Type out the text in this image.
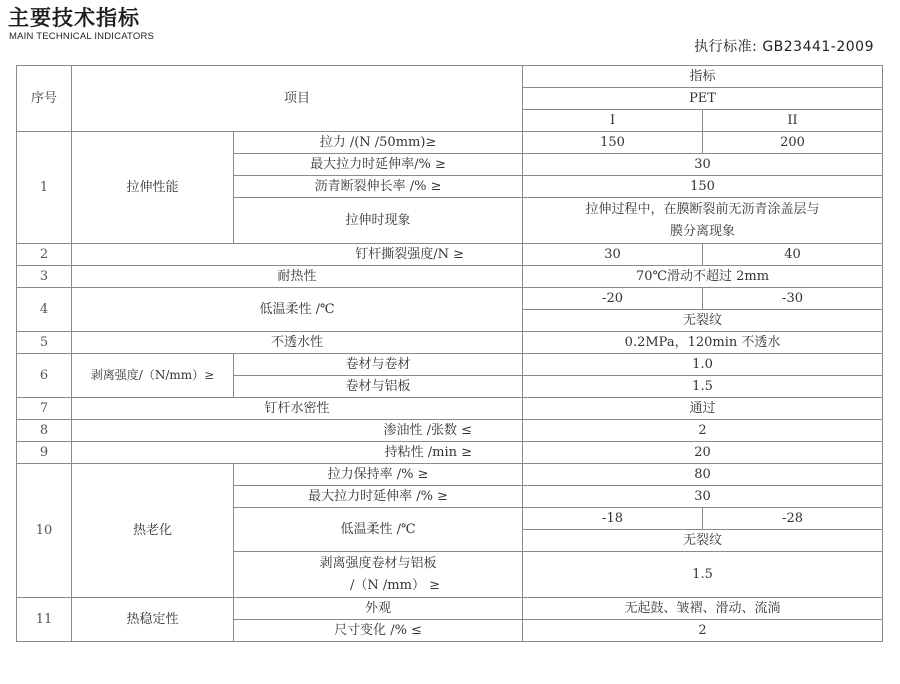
主要技术指标
MAIN TECHNICAL INDICATORS
执行标准: GB23441-2009
序号	项目		指标	
			PET	
			I	II
1	拉伸性能	拉力 /(N /50mm)≥	150	200
		最大拉力时延伸率/% ≥	30	
		沥青断裂伸长率 /% ≥	150	
		拉伸时现象	拉伸过程中，在膜断裂前无沥青涂盖层与膜分离现象	
2	钉杆撕裂强度/N ≥		30	40
3	耐热性		70℃滑动不超过 2mm	
4	低温柔性 /℃		-20	-30
			无裂纹	
5	不透水性		0.2MPa，120min 不透水	
6	剥离强度/（N/mm）≥	卷材与卷材	1.0	
		卷材与铝板	1.5	
7	钉杆水密性		通过	
8	渗油性 /张数 ≤		2	
9	持粘性 /min ≥		20	
10	热老化	拉力保持率 /% ≥	80	
		最大拉力时延伸率 /% ≥	30	
		低温柔性 /℃	-18	-28
			无裂纹	

		剥离强度卷材与铝板
/（N /mm） ≥	1.5	
11	热稳定性	外观	无起鼓、皱褶、滑动、流淌	
		尺寸变化 /% ≤	2	
